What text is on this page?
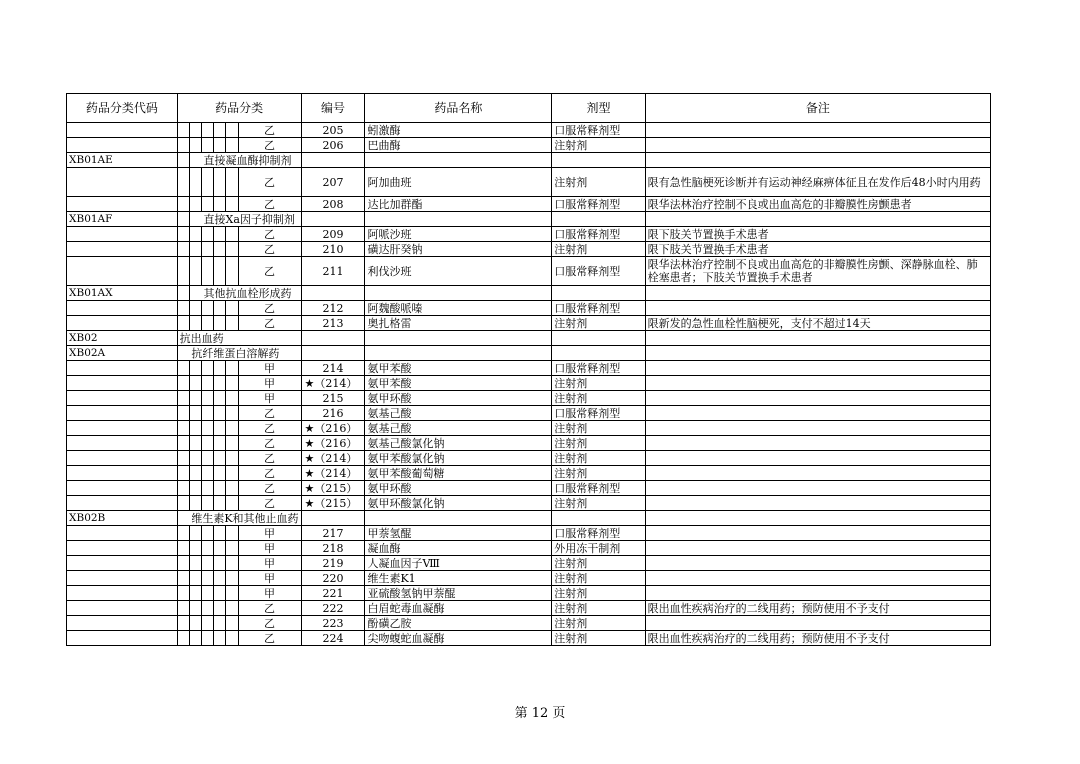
药品分类代码	药品分类						编号	药品名称	剂型	备注
						乙	205	蚓激酶	口服常释剂型	
						乙	206	巴曲酶	注射剂	
XB01AE			直接凝血酶抑制剂							
						乙	207	阿加曲班	注射剂	限有急性脑梗死诊断并有运动神经麻痹体征且在发作后48小时内用药
						乙	208	达比加群酯	口服常释剂型	限华法林治疗控制不良或出血高危的非瓣膜性房颤患者
XB01AF			直接Xa因子抑制剂							
						乙	209	阿哌沙班	口服常释剂型	限下肢关节置换手术患者
						乙	210	磺达肝癸钠	注射剂	限下肢关节置换手术患者
						乙	211	利伐沙班	口服常释剂型	限华法林治疗控制不良或出血高危的非瓣膜性房颤、深静脉血栓、肺栓塞患者；下肢关节置换手术患者
XB01AX			其他抗血栓形成药							
						乙	212	阿魏酸哌嗪	口服常释剂型	
						乙	213	奥扎格雷	注射剂	限新发的急性血栓性脑梗死，支付不超过14天
XB02	抗出血药									
XB02A		抗纤维蛋白溶解药								
						甲	214	氨甲苯酸	口服常释剂型	
						甲	★（214）	氨甲苯酸	注射剂	
						甲	215	氨甲环酸	注射剂	
						乙	216	氨基己酸	口服常释剂型	
						乙	★（216）	氨基己酸	注射剂	
						乙	★（216）	氨基己酸氯化钠	注射剂	
						乙	★（214）	氨甲苯酸氯化钠	注射剂	
						乙	★（214）	氨甲苯酸葡萄糖	注射剂	
						乙	★（215）	氨甲环酸	口服常释剂型	
						乙	★（215）	氨甲环酸氯化钠	注射剂	
XB02B		维生素K和其他止血药								
						甲	217	甲萘氢醌	口服常释剂型	
						甲	218	凝血酶	外用冻干制剂	
						甲	219	人凝血因子Ⅷ	注射剂	
						甲	220	维生素K1	注射剂	
						甲	221	亚硫酸氢钠甲萘醌	注射剂	
						乙	222	白眉蛇毒血凝酶	注射剂	限出血性疾病治疗的二线用药；预防使用不予支付
						乙	223	酚磺乙胺	注射剂	
						乙	224	尖吻蝮蛇血凝酶	注射剂	限出血性疾病治疗的二线用药；预防使用不予支付
第 12 页
